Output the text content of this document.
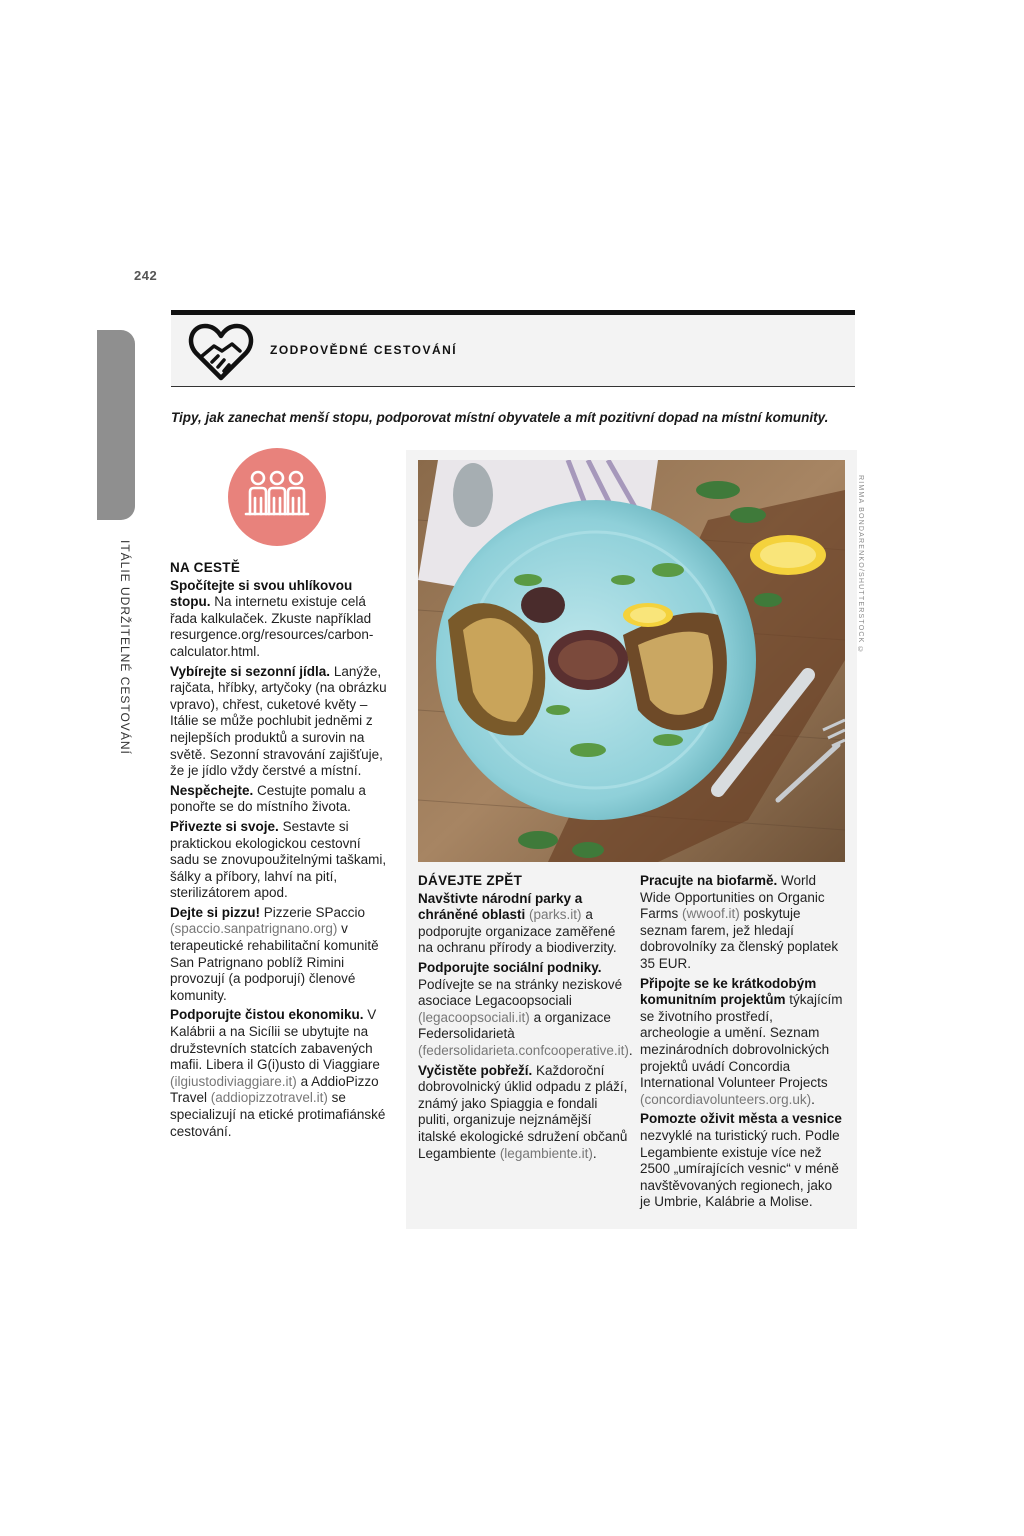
242
ITÁLIE UDRŽITELNÉ CESTOVÁNÍ
ZODPOVĚDNÉ CESTOVÁNÍ
Tipy, jak zanechat menší stopu, podporovat místní obyvatele a mít pozitivní dopad na místní komunity.
NA CESTĚ

Spočítejte si svou uhlíkovou stopu. Na internetu existuje celá řada kalkulaček. Zkuste například resurgence.org/resources/carbon-calculator.html.

Vybírejte si sezonní jídla. Lanýže, rajčata, hříbky, artyčoky (na obrázku vpravo), chřest, cuketové květy – Itálie se může pochlubit jedněmi z nejlepších produktů a surovin na světě. Sezonní stravování zajišťuje, že je jídlo vždy čerstvé a místní.

Nespěchejte. Cestujte pomalu a ponořte se do místního života.

Přivezte si svoje. Sestavte si praktickou ekologickou cestovní sadu se znovupoužitelnými taškami, šálky a příbory, lahví na pití, sterilizátorem apod.

Dejte si pizzu! Pizzerie SPaccio (spaccio.sanpatrignano.org) v terapeutické rehabilitační komunitě San Patrignano poblíž Rimini provozují (a podporují) členové komunity.

Podporujte čistou ekonomiku. V Kalábrii a na Sicílii se ubytujte na družstevních statcích zabavených mafii. Libera il G(i)usto di Viaggiare (ilgiustodiviaggiare.it) a AddioPizzo Travel (addiopizzotravel.it) se specializují na etické protimafiánské cestování.

RIMMA BONDARENKO/SHUTTERSTOCK ©
DÁVEJTE ZPĚT

Navštivte národní parky a chráněné oblasti (parks.it) a podporujte organizace zaměřené na ochranu přírody a biodiverzity.

Podporujte sociální podniky. Podívejte se na stránky neziskové asociace Legacoopsociali (legacoopsociali.it) a organizace Federsolidarietà (federsolidarieta.confcooperative.it).

Vyčistěte pobřeží. Každoroční dobrovolnický úklid odpadu z pláží, známý jako Spiaggia e fondali puliti, organizuje nejznámější italské ekologické sdružení občanů Legambiente (legambiente.it).

Pracujte na biofarmě. World Wide Opportunities on Organic Farms (wwoof.it) poskytuje seznam farem, jež hledají dobrovolníky za členský poplatek 35 EUR.

Připojte se ke krátkodobým komunitním projektům týkajícím se životního prostředí, archeologie a umění. Seznam mezinárodních dobrovolnických projektů uvádí Concordia International Volunteer Projects (concordiavolunteers.org.uk).

Pomozte oživit města a vesnice nezvyklé na turistický ruch. Podle Legambiente existuje více než 2500 „umírajících vesnic“ v méně navštěvovaných regionech, jako je Umbrie, Kalábrie a Molise.
